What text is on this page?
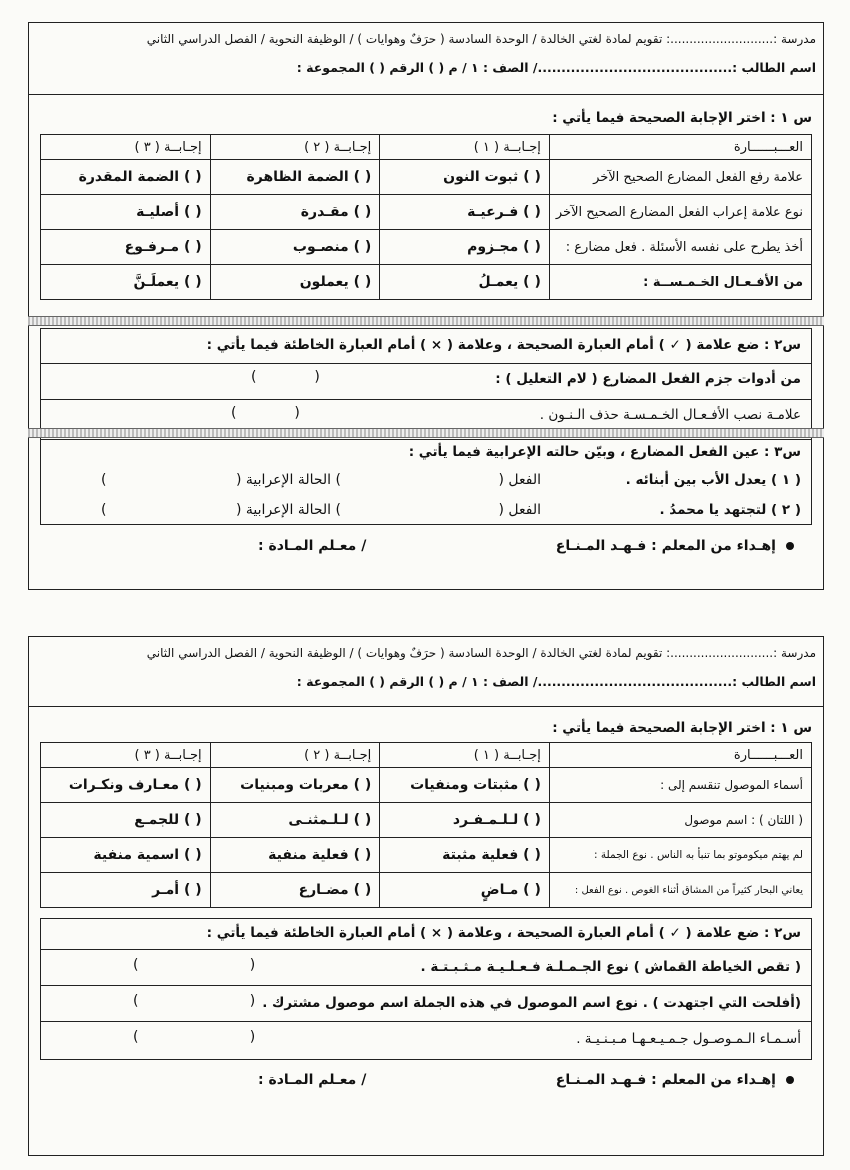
مدرسة :...........................: تقويم لمادة لغتي الخالدة / الوحدة السادسة ( حرَفٌ وهوايات ) / الوظيفة النحوية / الفصل الدراسي الثاني
اسم الطالب :........................................./ الصف : ١ / م ( ) الرقم ( ) المجموعة :
س ١ : اختر الإجابة الصحيحة فيما يأتي :
العـــبــــــارة	إجـابــة ( ١ )	إجـابــة ( ٢ )	إجـابــة ( ٣ )
علامة رفع الفعل المضارع الصحيح الآخر	( ) ثبوت النون	( ) الضمة الظاهرة	( ) الضمة المقدرة
نوع علامة إعراب الفعل المضارع الصحيح الآخر	( ) فـرعيـة	( ) مقـدرة	( ) أصليـة
أخذ يطرح على نفسه الأسئلة . فعل مضارع :	( ) مجـزوم	( ) منصـوب	( ) مـرفـوع
من الأفـعـال الخـمـســة :	( ) يعمـلُ	( ) يعملون	( ) يعملَـنَّ
س٢ : ضع علامة ( ✓ ) أمام العبارة الصحيحة ، وعلامة ( × ) أمام العبارة الخاطئة فيما يأتي :
من أدوات جزم الفعل المضارع ( لام التعليل ) :
(             )
علامـة نصب الأفـعـال الخـمـسـة حذف الـنـون .
(             )
س٣ : عين الفعل المضارع ، وبيّن حالته الإعرابية فيما يأتي :
( ١ ) يعدل الأب بين أبنائه .
الفعل (
) الحالة الإعرابية (
)
( ٢ ) لتجتهد يا محمدُ .
الفعل (
) الحالة الإعرابية (
)
إهـداء من المعلم : فـهـد المـنـاع
/ معـلم المـادة :
مدرسة :...........................: تقويم لمادة لغتي الخالدة / الوحدة السادسة ( حرَفٌ وهوايات ) / الوظيفة النحوية / الفصل الدراسي الثاني
اسم الطالب :........................................./ الصف : ١ / م ( ) الرقم ( ) المجموعة :
س ١ : اختر الإجابة الصحيحة فيما يأتي :
العـــبــــــارة	إجـابــة ( ١ )	إجـابــة ( ٢ )	إجـابــة ( ٣ )
أسماء الموصول تنقسم إلى :	( ) مثبتات ومنفيات	( ) معربات ومبنيات	( ) معـارف ونكـرات
( اللتان ) : اسم موصول	( ) لـلـمـفـرد	( ) لـلـمثنـى	( ) للجمـع
لم يهتم ميكوموتو بما تنبأ به الناس . نوع الجملة :	( ) فعلية مثبتة	( ) فعلية منفية	( ) اسمية منفية
يعاني البحار كثيراً من المشاق أثناء الغوص . نوع الفعل :	( ) مـاضٍ	( ) مضـارع	( ) أمـر
س٢ : ضع علامة ( ✓ ) أمام العبارة الصحيحة ، وعلامة ( × ) أمام العبارة الخاطئة فيما يأتي :
( تقص الخياطة القماش ) نوع الجـمـلـة فـعـلـيـة مـثـبـتـة .
(                         )
(أفلحت التي اجتهدت ) . نوع اسم الموصول في هذه الجملة اسم موصول مشترك .
(                         )
أسـمـاء الـمـوصـول جـمـيـعـهـا مـبـنـيـة .
(                         )
إهـداء من المعلم : فـهـد المـنـاع
/ معـلم المـادة :
